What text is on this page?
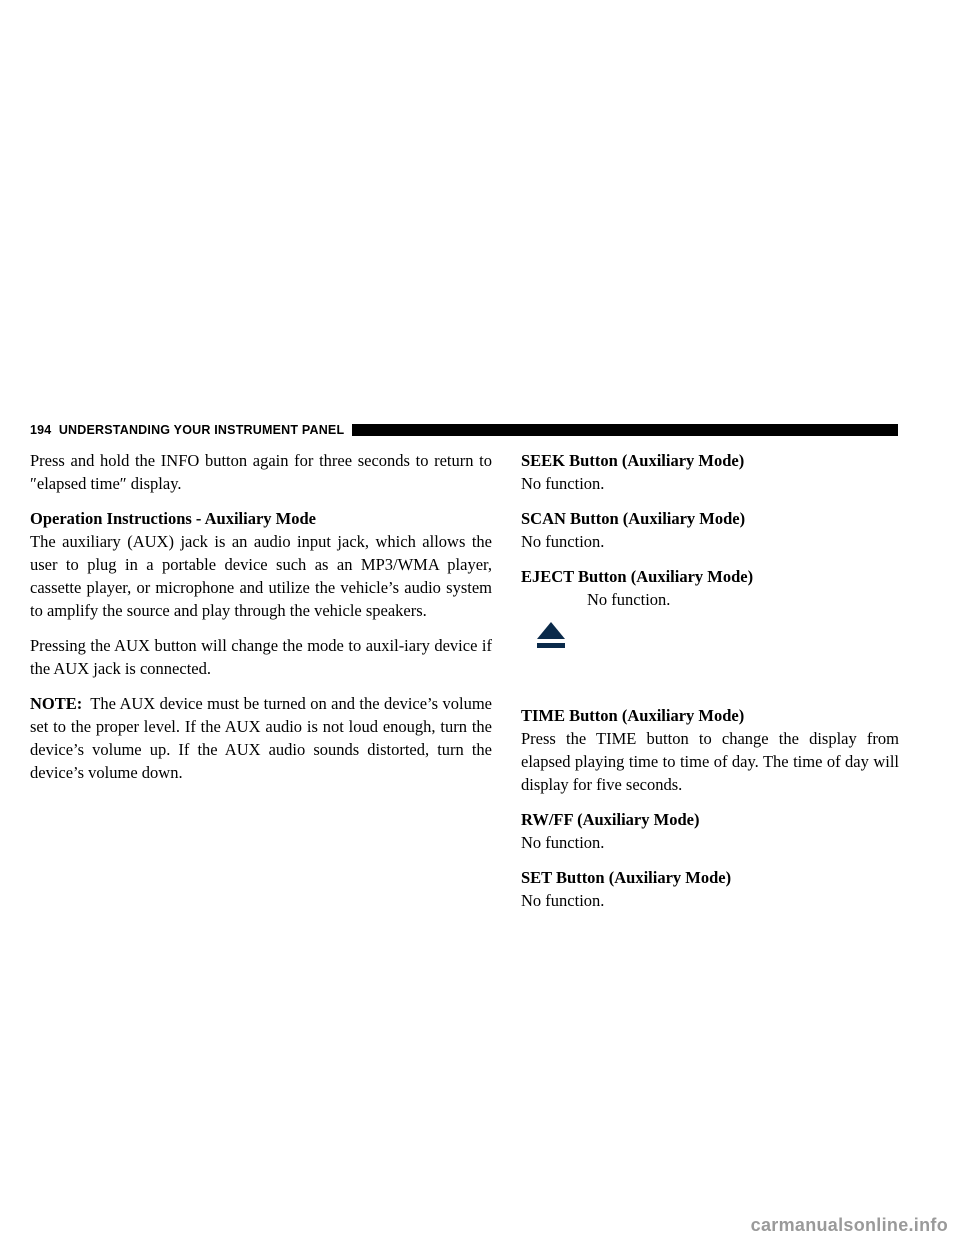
194 UNDERSTANDING YOUR INSTRUMENT PANEL

Press and hold the INFO button again for three seconds to return to ″elapsed time″ display.

Operation Instructions - Auxiliary Mode

The auxiliary (AUX) jack is an audio input jack, which allows the user to plug in a portable device such as an MP3/WMA player, cassette player, or microphone and utilize the vehicle’s audio system to amplify the source and play through the vehicle speakers.

Pressing the AUX button will change the mode to auxil-iary device if the AUX jack is connected.

NOTE: The AUX device must be turned on and the device’s volume set to the proper level. If the AUX audio is not loud enough, turn the device’s volume up. If the AUX audio sounds distorted, turn the device’s volume down.

SEEK Button (Auxiliary Mode)

No function.

SCAN Button (Auxiliary Mode)

No function.

EJECT Button (Auxiliary Mode)

No function.

TIME Button (Auxiliary Mode)

Press the TIME button to change the display from elapsed playing time to time of day. The time of day will display for five seconds.

RW/FF (Auxiliary Mode)

No function.

SET Button (Auxiliary Mode)

No function.

carmanualsonline.info
